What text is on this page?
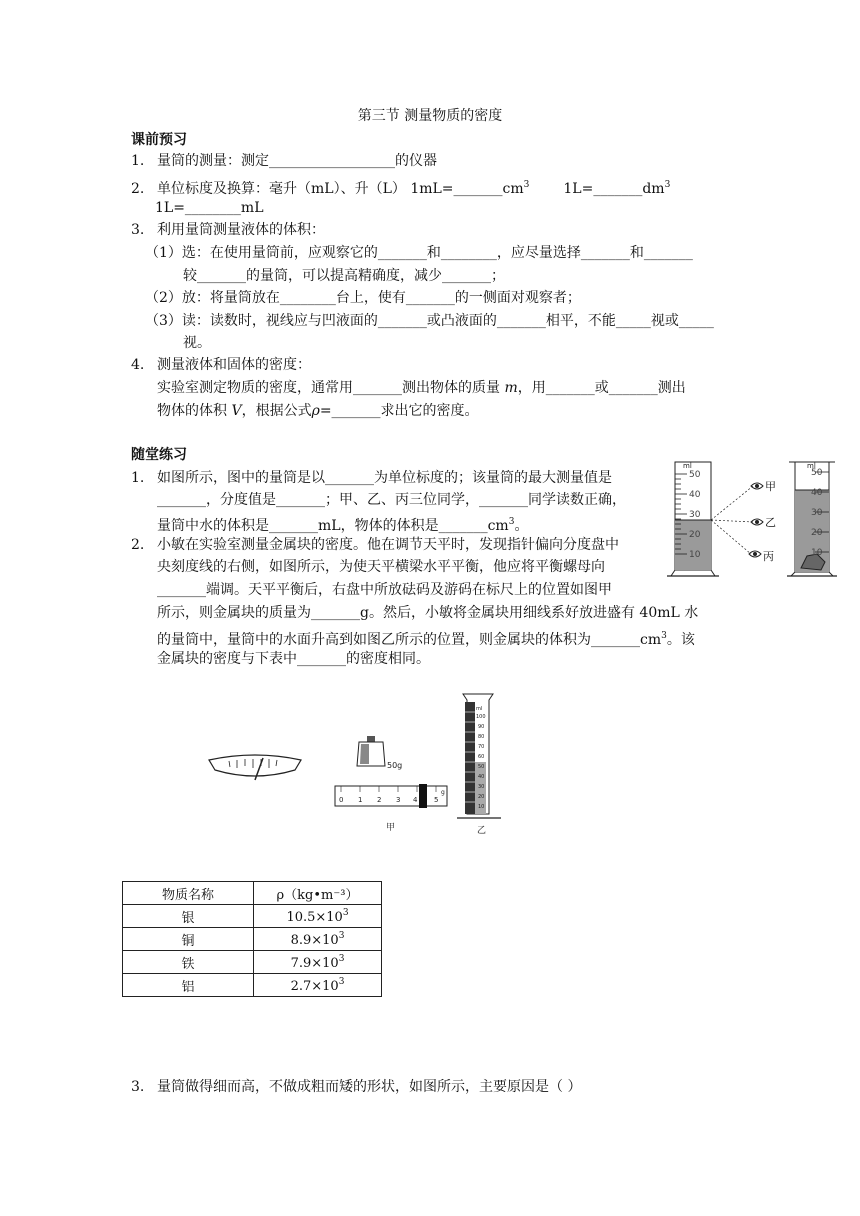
第三节 测量物质的密度
课前预习
1. 量筒的测量：测定__________________的仪器
2. 单位标度及换算：毫升（mL）、升（L） $1mL=\_\_\_\_\_\_\_cm^3$ $1L=\_\_\_\_\_\_\_dm^3$
1L=________mL
3. 利用量筒测量液体的体积：
（1）选：在使用量筒前，应观察它的_______和________，应尽量选择_______和_______
较_______的量筒，可以提高精确度，减少_______；
（2）放：将量筒放在________台上，使有_______的一侧面对观察者；
（3）读：读数时，视线应与凹液面的_______或凸液面的_______相平，不能_____视或_____
视。
4. 测量液体和固体的密度：
实验室测定物质的密度，通常用_______测出物体的质量 m，用_______或_______测出
物体的体积 V，根据公式ρ=_______求出它的密度。
随堂练习
1. 如图所示，图中的量筒是以_______为单位标度的；该量筒的最大测量值是
_______，分度值是_______；甲、乙、丙三位同学，_______同学读数正确，
量筒中水的体积是_______mL，物体的体积是$\_\_\_\_\_\_\_cm^3$。
2. 小敏在实验室测量金属块的密度。他在调节天平时，发现指针偏向分度盘中
央刻度线的右侧，如图所示，为使天平横梁水平平衡，他应将平衡螺母向
_______端调。天平平衡后，右盘中所放砝码及游码在标尺上的位置如图甲
所示，则金属块的质量为_______g。然后，小敏将金属块用细线系好放进盛有 40mL 水
的量筒中，量筒中的水面升高到如图乙所示的位置，则金属块的体积为$\_\_\_\_\_\_\_cm^3$。该
金属块的密度与下表中_______的密度相同。
ml
50
40
30
20
10
甲
乙
丙
ml
50
40
30
20
10
50g
0 1 2 3 4 5
g
甲
ml
100
90
80
70
60
50
40
30
20
10
乙
物质名称	ρ（kg•m⁻³）
银	$10.5\times 10^3$
铜	$8.9\times 10^3$
铁	$7.9\times 10^3$
铝	$2.7\times 10^3$
3. 量筒做得细而高，不做成粗而矮的形状，如图所示，主要原因是（ ）
